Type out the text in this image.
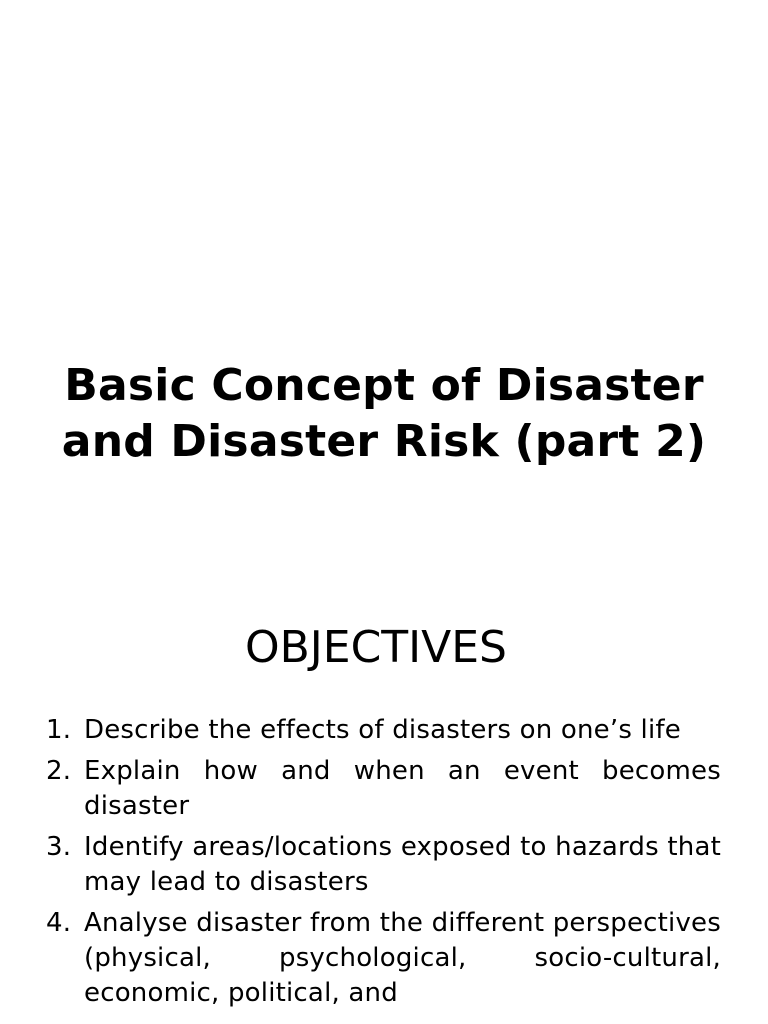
Basic Concept of Disaster
and Disaster Risk (part 2)
OBJECTIVES
1. Describe the effects of disasters on one’s life
2. Explain how and when an event becomes disaster
3. Identify areas/locations exposed to hazards that may lead to disasters
4. Analyse disaster from the different perspectives (physical, psychological, socio-cultural, economic, political, and
